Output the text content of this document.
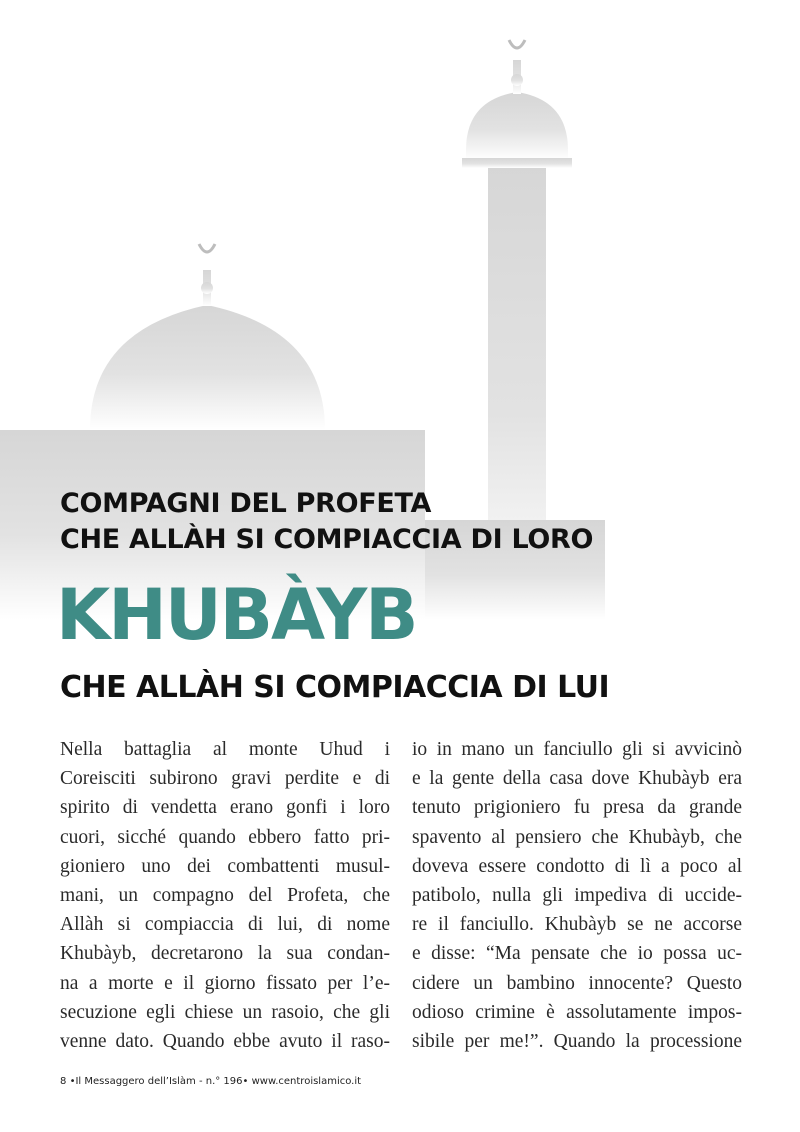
COMPAGNI DEL PROFETA
CHE ALLÀH SI COMPIACCIA DI LORO
KHUBÀYB
CHE ALLÀH SI COMPIACCIA DI LUI
Nella battaglia al monte Uhud i
Coreisciti subirono gravi perdite e di
spirito di vendetta erano gonfi i loro
cuori, sicché quando ebbero fatto pri-
gioniero uno dei combattenti musul-
mani, un compagno del Profeta, che
Allàh si compiaccia di lui, di nome
Khubàyb, decretarono la sua condan-
na a morte e il giorno fissato per l’e-
secuzione egli chiese un rasoio, che gli
venne dato. Quando ebbe avuto il raso-
io in mano un fanciullo gli si avvicinò
e la gente della casa dove Khubàyb era
tenuto prigioniero fu presa da grande
spavento al pensiero che Khubàyb, che
doveva essere condotto di lì a poco al
patibolo, nulla gli impediva di uccide-
re il fanciullo. Khubàyb se ne accorse
e disse: “Ma pensate che io possa uc-
cidere un bambino innocente? Questo
odioso crimine è assolutamente impos-
sibile per me!”. Quando la processione
8 •Il Messaggero dell’Islàm - n.° 196• www.centroislamico.it
